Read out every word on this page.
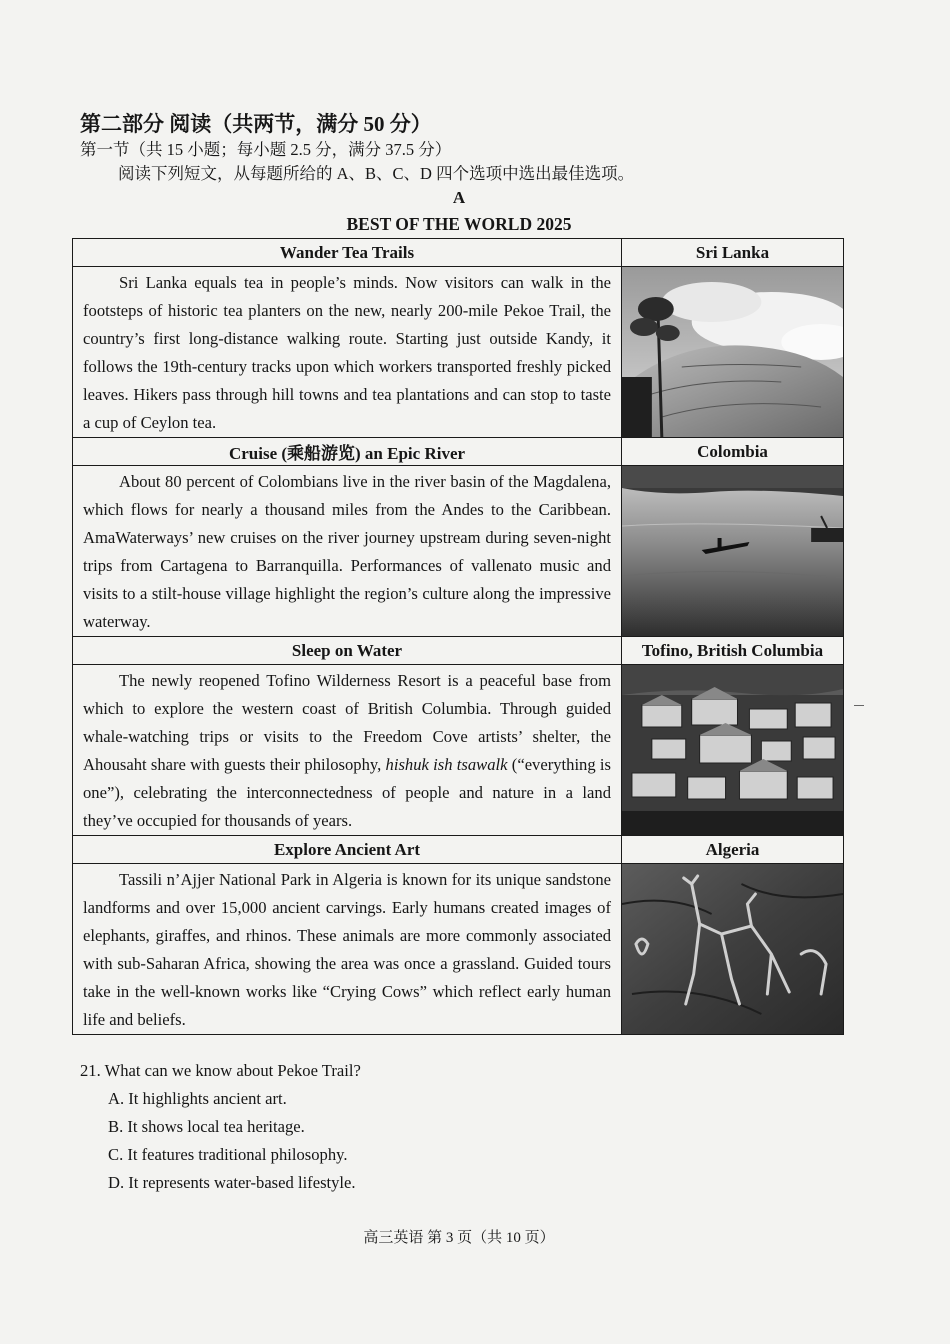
第二部分 阅读（共两节，满分 50 分）
第一节（共 15 小题；每小题 2.5 分，满分 37.5 分）
阅读下列短文，从每题所给的 A、B、C、D 四个选项中选出最佳选项。
A
BEST OF THE WORLD 2025
Wander Tea Trails	Sri Lanka

Sri Lanka equals tea in people’s minds. Now visitors can walk in the footsteps of historic tea planters on the new, nearly 200-mile Pekoe Trail, the country’s first long-distance walking route. Starting just outside Kandy, it follows the 19th-century tracks upon which workers transported freshly picked leaves. Hikers pass through hill towns and tea plantations and can stop to taste a cup of Ceylon tea.

Cruise (乘船游览) an Epic River	Colombia

About 80 percent of Colombians live in the river basin of the Magdalena, which flows for nearly a thousand miles from the Andes to the Caribbean. AmaWaterways’ new cruises on the river journey upstream during seven-night trips from Cartagena to Barranquilla. Performances of vallenato music and visits to a stilt-house village highlight the region’s culture along the impressive waterway.

Sleep on Water	Tofino, British Columbia

The newly reopened Tofino Wilderness Resort is a peaceful base from which to explore the western coast of British Columbia. Through guided whale-watching trips or visits to the Freedom Cove artists’ shelter, the Ahousaht share with guests their philosophy, hishuk ish tsawalk (“everything is one”), celebrating the interconnectedness of people and nature in a land they’ve occupied for thousands of years.

Explore Ancient Art	Algeria

Tassili n’Ajjer National Park in Algeria is known for its unique sandstone landforms and over 15,000 ancient carvings. Early humans created images of elephants, giraffes, and rhinos. These animals are more commonly associated with sub-Saharan Africa, showing the area was once a grassland. Guided tours take in the well-known works like “Crying Cows” which reflect early human life and beliefs.

21. What can we know about Pekoe Trail?
A. It highlights ancient art.
B. It shows local tea heritage.
C. It features traditional philosophy.
D. It represents water-based lifestyle.
高三英语 第 3 页（共 10 页）
